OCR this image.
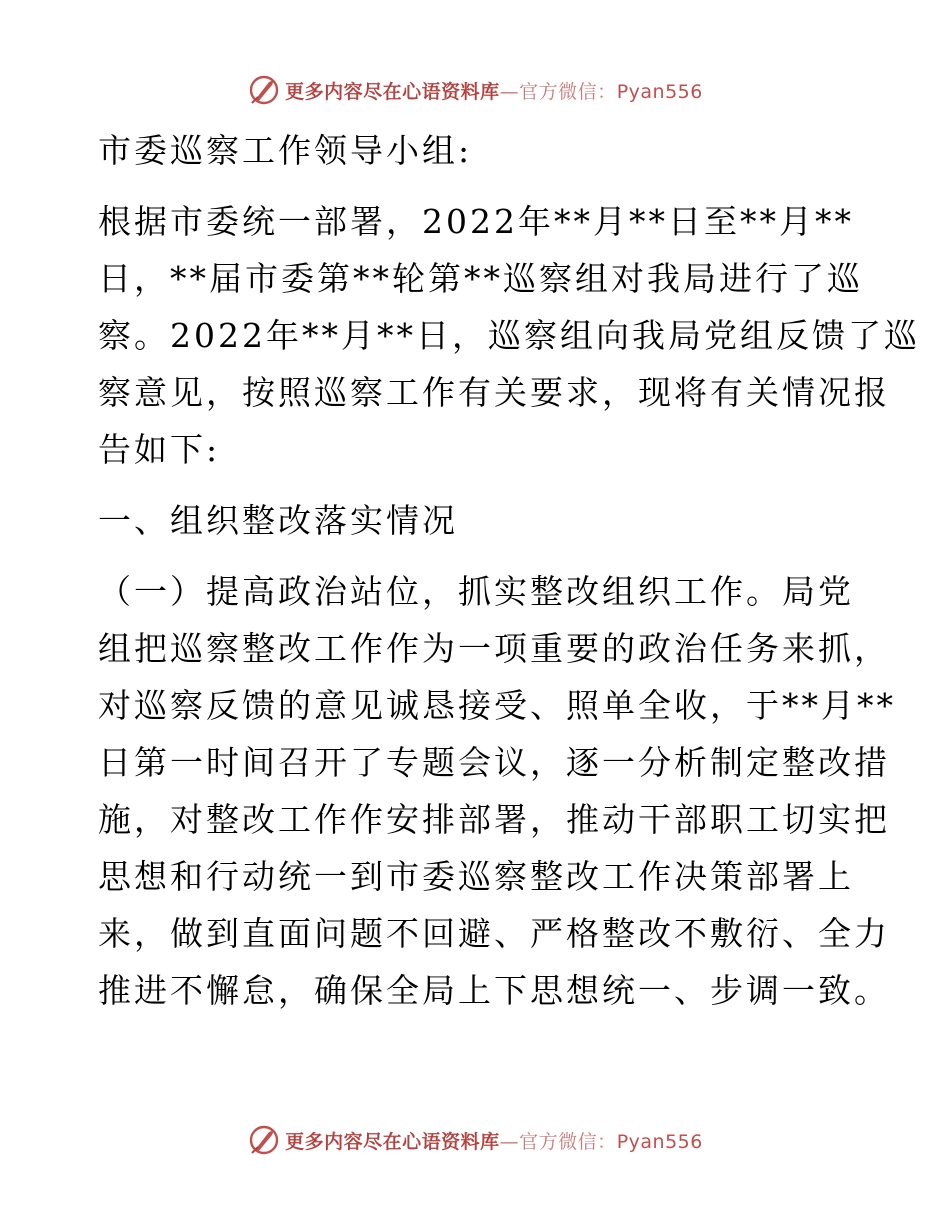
更多内容尽在心语资料库—官方微信：Pyan556

市委巡察工作领导小组:

根据市委统一部署，2022年**月**日至**月**

日，**届市委第**轮第**巡察组对我局进行了巡

察。2022年**月**日，巡察组向我局党组反馈了巡

察意见，按照巡察工作有关要求，现将有关情况报

告如下:

一、组织整改落实情况

（一）提高政治站位，抓实整改组织工作。局党

组把巡察整改工作作为一项重要的政治任务来抓，

对巡察反馈的意见诚恳接受、照单全收，于**月**

日第一时间召开了专题会议，逐一分析制定整改措

施，对整改工作作安排部署，推动干部职工切实把

思想和行动统一到市委巡察整改工作决策部署上

来，做到直面问题不回避、严格整改不敷衍、全力

推进不懈怠，确保全局上下思想统一、步调一致。

更多内容尽在心语资料库—官方微信：Pyan556
